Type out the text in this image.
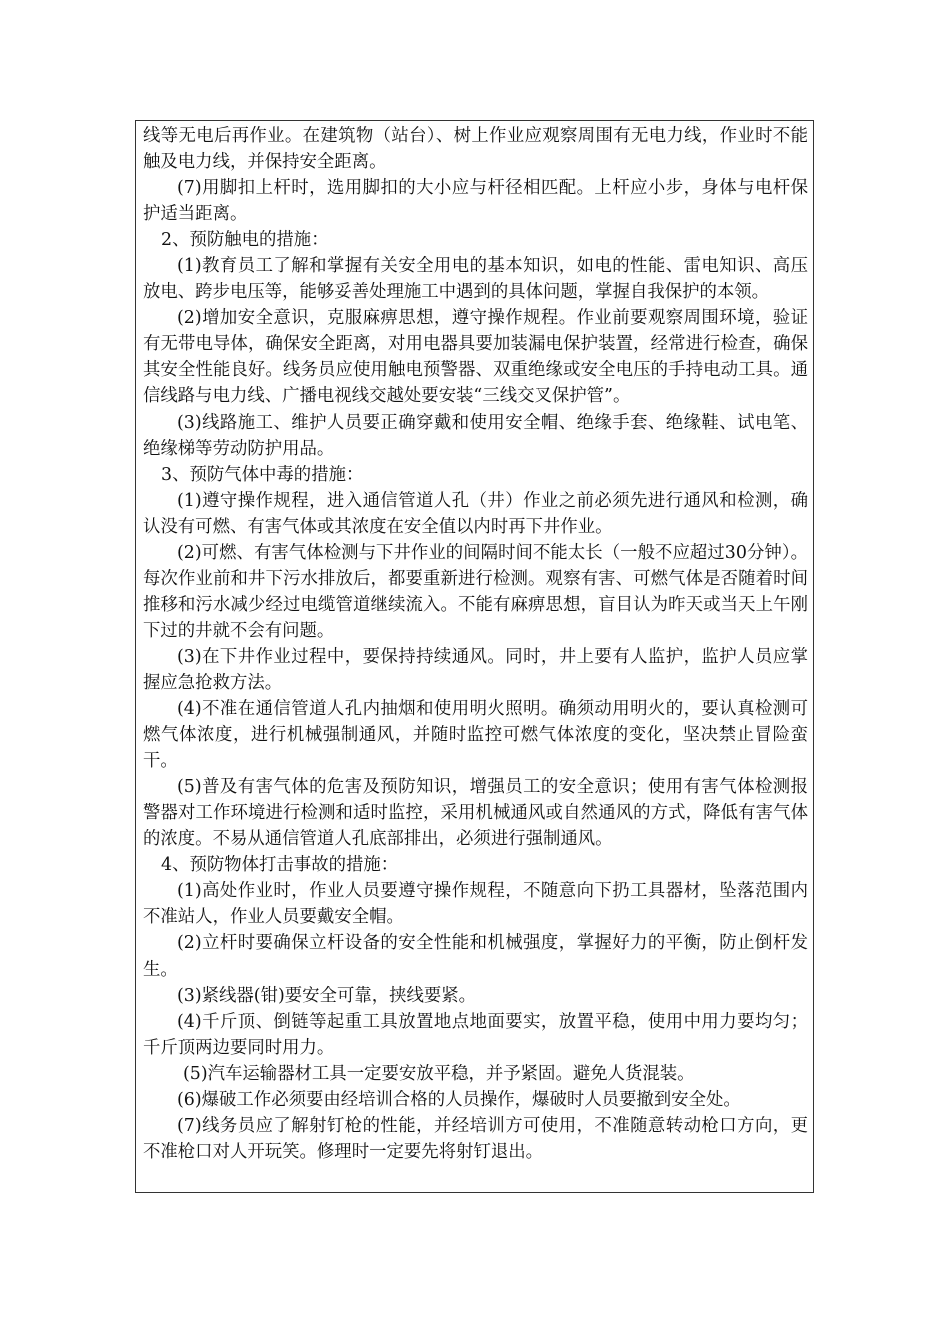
线等无电后再作业。在建筑物（站台）、树上作业应观察周围有无电力线，作业时不能触及电力线，并保持安全距离。

(7)用脚扣上杆时，选用脚扣的大小应与杆径相匹配。上杆应小步，身体与电杆保护适当距离。

2、预防触电的措施：

(1)教育员工了解和掌握有关安全用电的基本知识，如电的性能、雷电知识、高压放电、跨步电压等，能够妥善处理施工中遇到的具体问题，掌握自我保护的本领。

(2)增加安全意识，克服麻痹思想，遵守操作规程。作业前要观察周围环境，验证有无带电导体，确保安全距离，对用电器具要加装漏电保护装置，经常进行检查，确保其安全性能良好。线务员应使用触电预警器、双重绝缘或安全电压的手持电动工具。通信线路与电力线、广播电视线交越处要安装“三线交叉保护管”。

(3)线路施工、维护人员要正确穿戴和使用安全帽、绝缘手套、绝缘鞋、试电笔、绝缘梯等劳动防护用品。

3、预防气体中毒的措施：

(1)遵守操作规程，进入通信管道人孔（井）作业之前必须先进行通风和检测，确认没有可燃、有害气体或其浓度在安全值以内时再下井作业。

(2)可燃、有害气体检测与下井作业的间隔时间不能太长（一般不应超过30分钟）。每次作业前和井下污水排放后，都要重新进行检测。观察有害、可燃气体是否随着时间推移和污水减少经过电缆管道继续流入。不能有麻痹思想，盲目认为昨天或当天上午刚下过的井就不会有问题。

(3)在下井作业过程中，要保持持续通风。同时，井上要有人监护，监护人员应掌握应急抢救方法。

(4)不准在通信管道人孔内抽烟和使用明火照明。确须动用明火的，要认真检测可燃气体浓度，进行机械强制通风，并随时监控可燃气体浓度的变化，坚决禁止冒险蛮干。

(5)普及有害气体的危害及预防知识，增强员工的安全意识；使用有害气体检测报警器对工作环境进行检测和适时监控，采用机械通风或自然通风的方式，降低有害气体的浓度。不易从通信管道人孔底部排出，必须进行强制通风。

4、预防物体打击事故的措施：

(1)高处作业时，作业人员要遵守操作规程，不随意向下扔工具器材，坠落范围内不准站人，作业人员要戴安全帽。

(2)立杆时要确保立杆设备的安全性能和机械强度，掌握好力的平衡，防止倒杆发生。

(3)紧线器(钳)要安全可靠，挟线要紧。

(4)千斤顶、倒链等起重工具放置地点地面要实，放置平稳，使用中用力要均匀；千斤顶两边要同时用力。

(5)汽车运输器材工具一定要安放平稳，并予紧固。避免人货混装。

(6)爆破工作必须要由经培训合格的人员操作，爆破时人员要撤到安全处。

(7)线务员应了解射钉枪的性能，并经培训方可使用，不准随意转动枪口方向，更不准枪口对人开玩笑。修理时一定要先将射钉退出。
